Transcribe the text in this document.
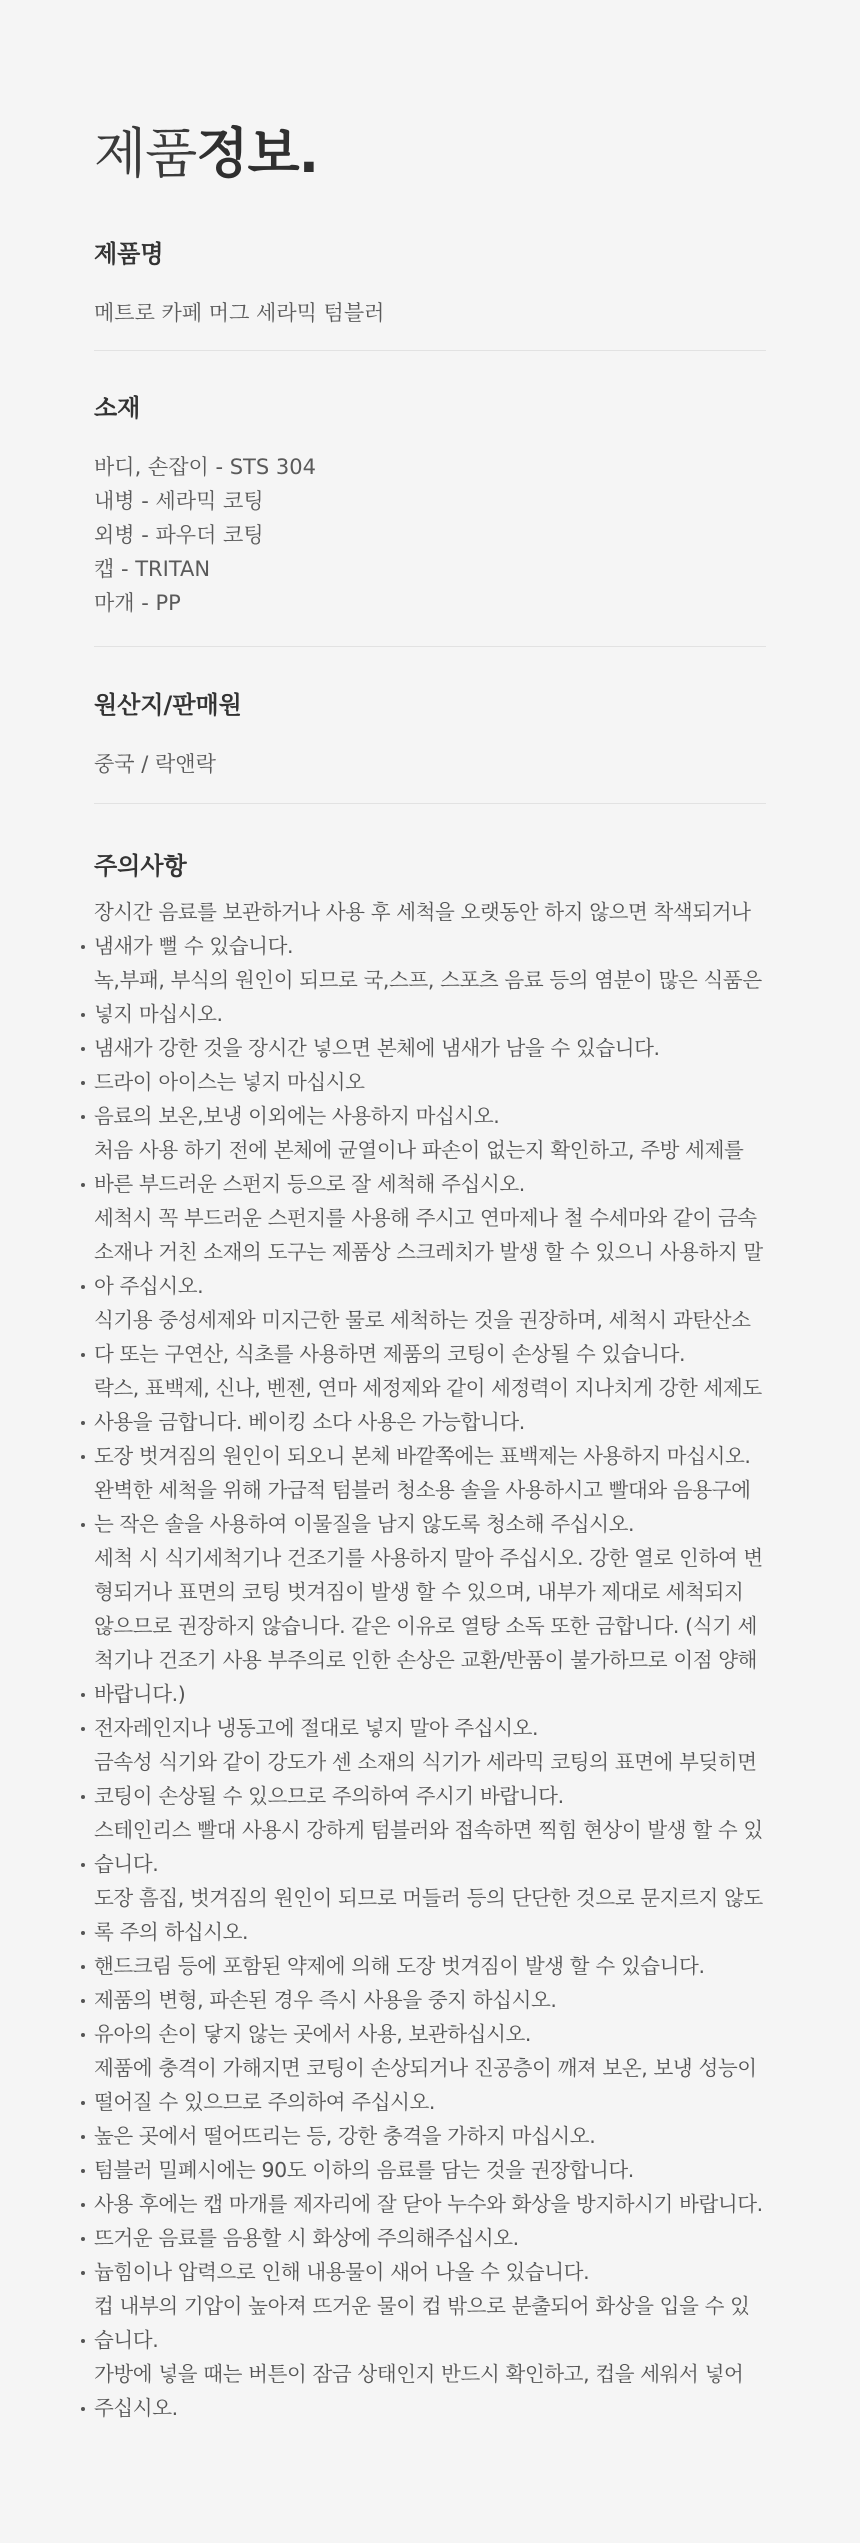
제품정보.
제품명
메트로 카페 머그 세라믹 텀블러
소재
바디, 손잡이 - STS 304
내병 - 세라믹 코팅
외병 - 파우더 코팅
캡 - TRITAN
마개 - PP
원산지/판매원
중국 / 락앤락
주의사항
장시간 음료를 보관하거나 사용 후 세척을 오랫동안 하지 않으면 착색되거나 냄새가 뻘 수 있습니다.
녹,부패, 부식의 원인이 되므로 국,스프, 스포츠 음료 등의 염분이 많은 식품은 넣지 마십시오.
냄새가 강한 것을 장시간 넣으면 본체에 냄새가 남을 수 있습니다.
드라이 아이스는 넣지 마십시오
음료의 보온,보냉 이외에는 사용하지 마십시오.
처음 사용 하기 전에 본체에 균열이나 파손이 없는지 확인하고, 주방 세제를 바른 부드러운 스펀지 등으로 잘 세척해 주십시오.
세척시 꼭 부드러운 스펀지를 사용해 주시고 연마제나 철 수세마와 같이 금속 소재나 거친 소재의 도구는 제품상 스크레치가 발생 할 수 있으니 사용하지 말아 주십시오.
식기용 중성세제와 미지근한 물로 세척하는 것을 권장하며, 세척시 과탄산소다 또는 구연산, 식초를 사용하면 제품의 코팅이 손상될 수 있습니다.
락스, 표백제, 신나, 벤젠, 연마 세정제와 같이 세정력이 지나치게 강한 세제도 사용을 금합니다. 베이킹 소다 사용은 가능합니다.
도장 벗겨짐의 원인이 되오니 본체 바깥쪽에는 표백제는 사용하지 마십시오.
완벽한 세척을 위해 가급적 텀블러 청소용 솔을 사용하시고 빨대와 음용구에는 작은 솔을 사용하여 이물질을 남지 않도록 청소해 주십시오.
세척 시 식기세척기나 건조기를 사용하지 말아 주십시오. 강한 열로 인하여 변형되거나 표면의 코팅 벗겨짐이 발생 할 수 있으며, 내부가 제대로 세척되지 않으므로 권장하지 않습니다. 같은 이유로 열탕 소독 또한 금합니다. (식기 세척기나 건조기 사용 부주의로 인한 손상은 교환/반품이 불가하므로 이점 양해 바랍니다.)
전자레인지나 냉동고에 절대로 넣지 말아 주십시오.
금속성 식기와 같이 강도가 센 소재의 식기가 세라믹 코팅의 표면에 부딪히면 코팅이 손상될 수 있으므로 주의하여 주시기 바랍니다.
스테인리스 빨대 사용시 강하게 텀블러와 접속하면 찍힘 현상이 발생 할 수 있습니다.
도장 흠집, 벗겨짐의 원인이 되므로 머들러 등의 단단한 것으로 문지르지 않도록 주의 하십시오.
핸드크림 등에 포함된 약제에 의해 도장 벗겨짐이 발생 할 수 있습니다.
제품의 변형, 파손된 경우 즉시 사용을 중지 하십시오.
유아의 손이 닿지 않는 곳에서 사용, 보관하십시오.
제품에 충격이 가해지면 코팅이 손상되거나 진공층이 깨져 보온, 보냉 성능이 떨어질 수 있으므로 주의하여 주십시오.
높은 곳에서 떨어뜨리는 등, 강한 충격을 가하지 마십시오.
텀블러 밀폐시에는 90도 이하의 음료를 담는 것을 권장합니다.
사용 후에는 캡 마개를 제자리에 잘 닫아 누수와 화상을 방지하시기 바랍니다.
뜨거운 음료를 음용할 시 화상에 주의해주십시오.
늅힘이나 압력으로 인해 내용물이 새어 나올 수 있습니다.
컵 내부의 기압이 높아져 뜨거운 물이 컵 밖으로 분출되어 화상을 입을 수 있습니다.
가방에 넣을 때는 버튼이 잠금 상태인지 반드시 확인하고, 컵을 세워서 넣어 주십시오.
